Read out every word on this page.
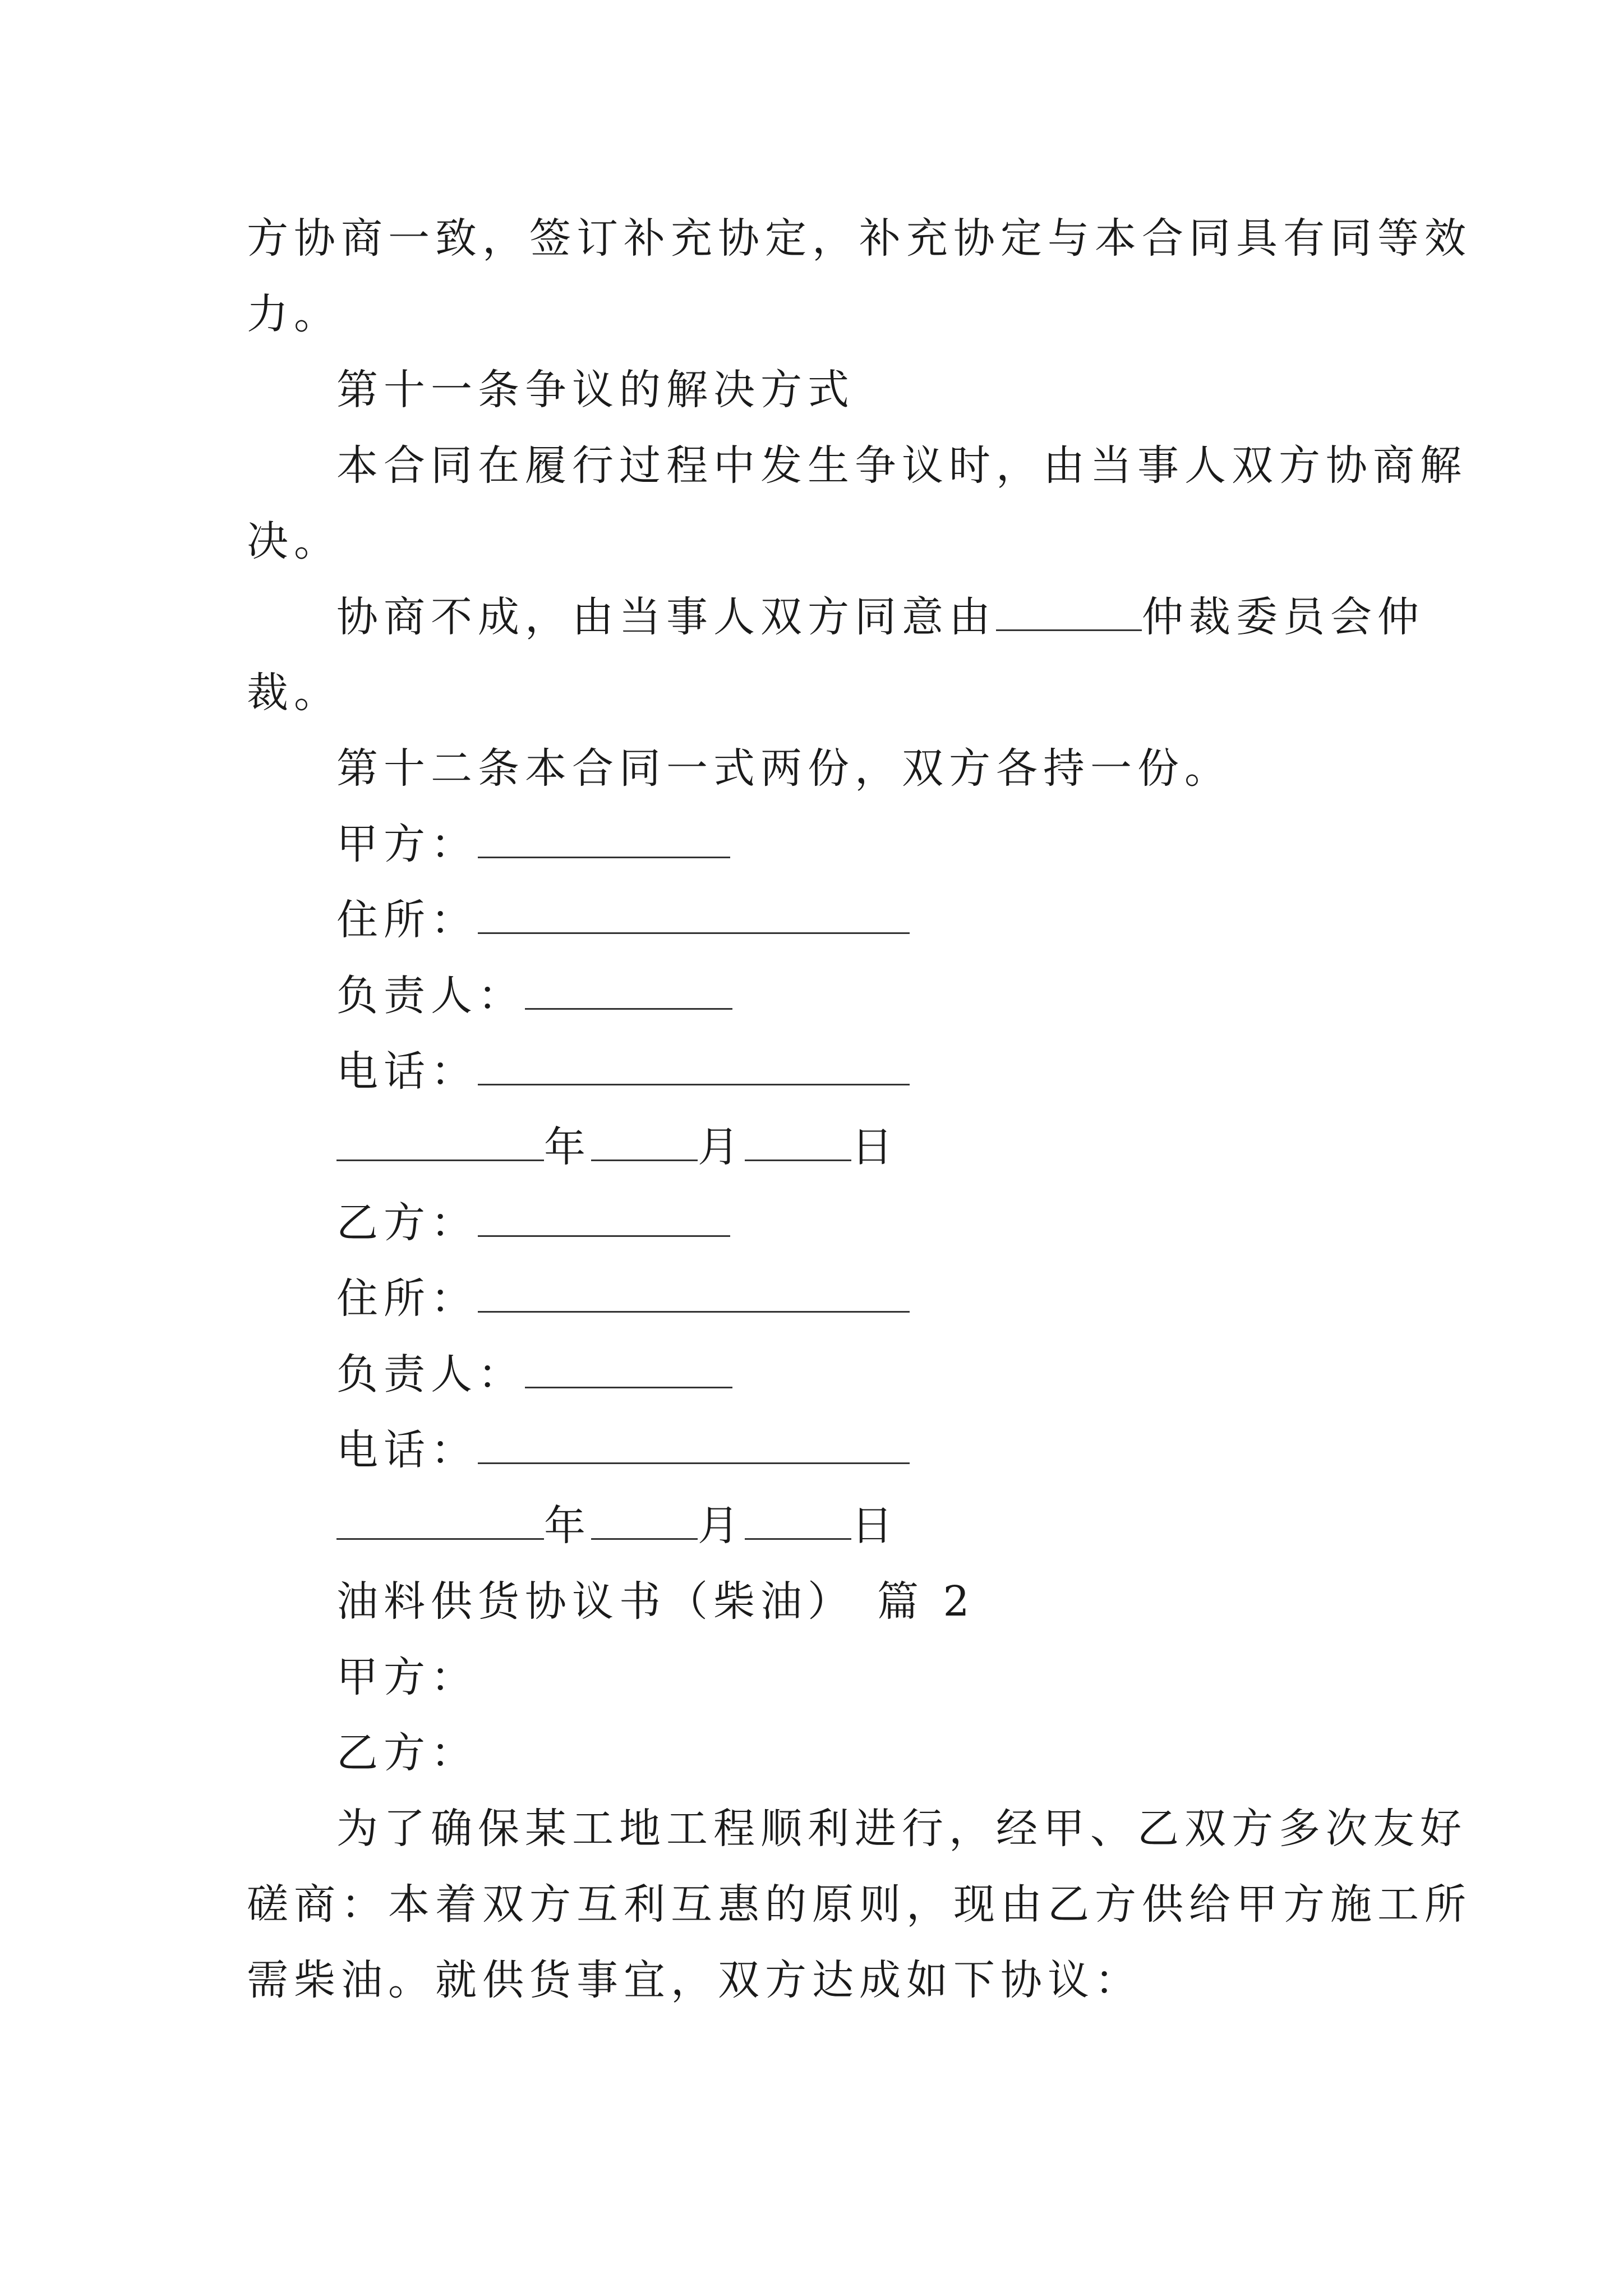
方协商一致，签订补充协定，补充协定与本合同具有同等效
力。
第十一条争议的解决方式
本合同在履行过程中发生争议时，由当事人双方协商解
决。
协商不成，由当事人双方同意由	仲裁委员会仲
裁。
第十二条本合同一式两份，双方各持一份。
甲方：
住所：
负责人：
电话：
年	月	日
乙方：
住所：
负责人：
电话：
年	月	日
油料供货协议书（柴油） 篇 2
甲方：
乙方：
为了确保某工地工程顺利进行，经甲、乙双方多次友好
磋商：本着双方互利互惠的原则，现由乙方供给甲方施工所
需柴油。就供货事宜，双方达成如下协议：
